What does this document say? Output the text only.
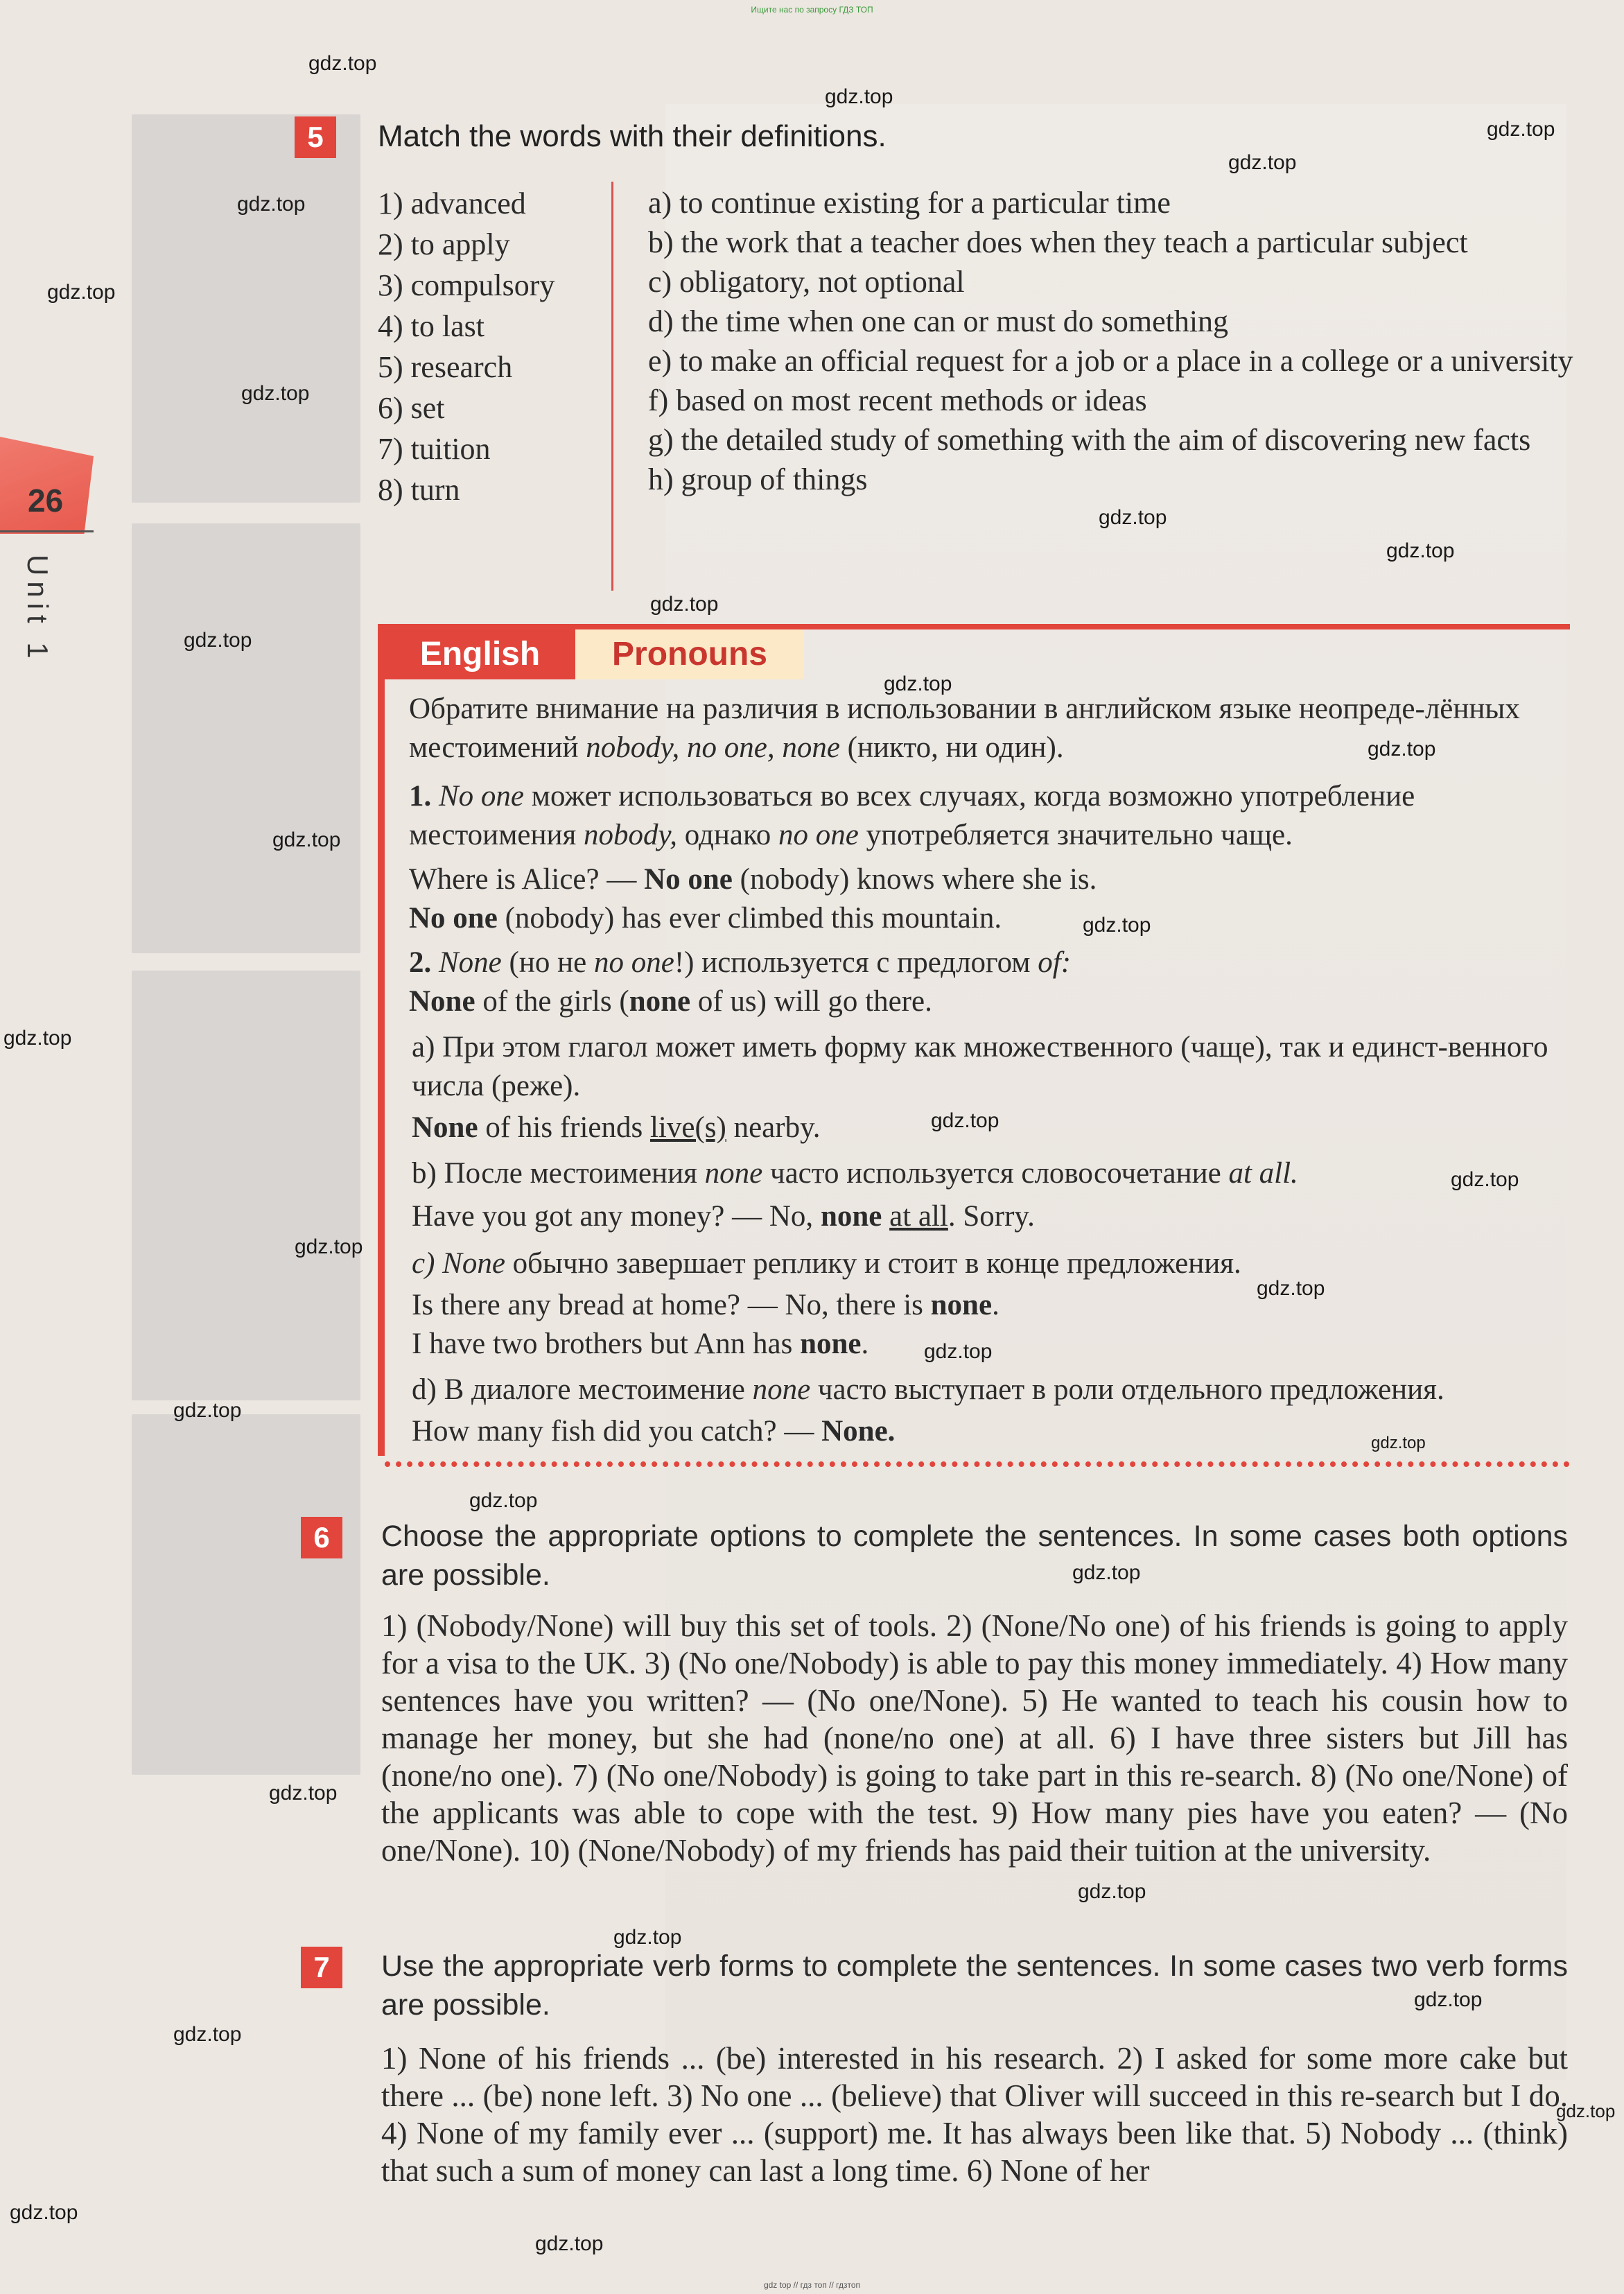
Ищите нас по запросу ГДЗ ТОП
26
Unit 1
5	Match the words with their definitions.
1) advanced
2) to apply
3) compulsory
4) to last
5) research
6) set
7) tuition
8) turn
a) to continue existing for a particular time
b) the work that a teacher does when they teach a particular subject
c) obligatory, not optional
d) the time when one can or must do something
e) to make an official request for a job or a place in a college or a university
f) based on most recent methods or ideas
g) the detailed study of something with the aim of discovering new facts
h) group of things
English	Pronouns

Обратите внимание на различия в использовании в английском языке неопреде-лённых местоимений nobody, no one, none (никто, ни один).

1. No one может использоваться во всех случаях, когда возможно употребление местоимения nobody, однако no one употребляется значительно чаще.

Where is Alice? — No one (nobody) knows where she is.

No one (nobody) has ever climbed this mountain.

2. None (но не no one!) используется с предлогом of:

None of the girls (none of us) will go there.

a) При этом глагол может иметь форму как множественного (чаще), так и единст-венного числа (реже).

None of his friends live(s) nearby.

b) После местоимения none часто используется словосочетание at all.

Have you got any money? — No, none at all. Sorry.

c) None обычно завершает реплику и стоит в конце предложения.

Is there any bread at home? — No, there is none.

I have two brothers but Ann has none.

d) В диалоге местоимение none часто выступает в роли отдельного предложения.

How many fish did you catch? — None.

6	Choose the appropriate options to complete the sentences. In some cases both options are possible.
1) (Nobody/None) will buy this set of tools. 2) (None/No one) of his friends is going to apply for a visa to the UK. 3) (No one/Nobody) is able to pay this money immediately. 4) How many sentences have you written? — (No one/None). 5) He wanted to teach his cousin how to manage her money, but she had (none/no one) at all. 6) I have three sisters but Jill has (none/no one). 7) (No one/Nobody) is going to take part in this re-search. 8) (No one/None) of the applicants was able to cope with the test. 9) How many pies have you eaten? — (No one/None). 10) (None/Nobody) of my friends has paid their tuition at the university.
7	Use the appropriate verb forms to complete the sentences. In some cases two verb forms are possible.
1) None of his friends ... (be) interested in his research. 2) I asked for some more cake but there ... (be) none left. 3) No one ... (believe) that Oliver will succeed in this re-search but I do. 4) None of my family ever ... (support) me. It has always been like that. 5) Nobody ... (think) that such a sum of money can last a long time. 6) None of her
gdz.top
gdz.top
gdz.top
gdz.top
gdz.top
gdz.top
gdz.top
gdz.top
gdz.top
gdz.top
gdz.top
gdz.top
gdz.top
gdz.top
gdz.top
gdz.top
gdz.top
gdz.top
gdz.top
gdz.top
gdz.top
gdz.top
gdz.top
gdz.top
gdz.top
gdz.top
gdz.top
gdz.top
gdz.top
gdz.top
gdz.top
gdz.top
gdz.top
gdz top // гдз топ // гдзтоп
